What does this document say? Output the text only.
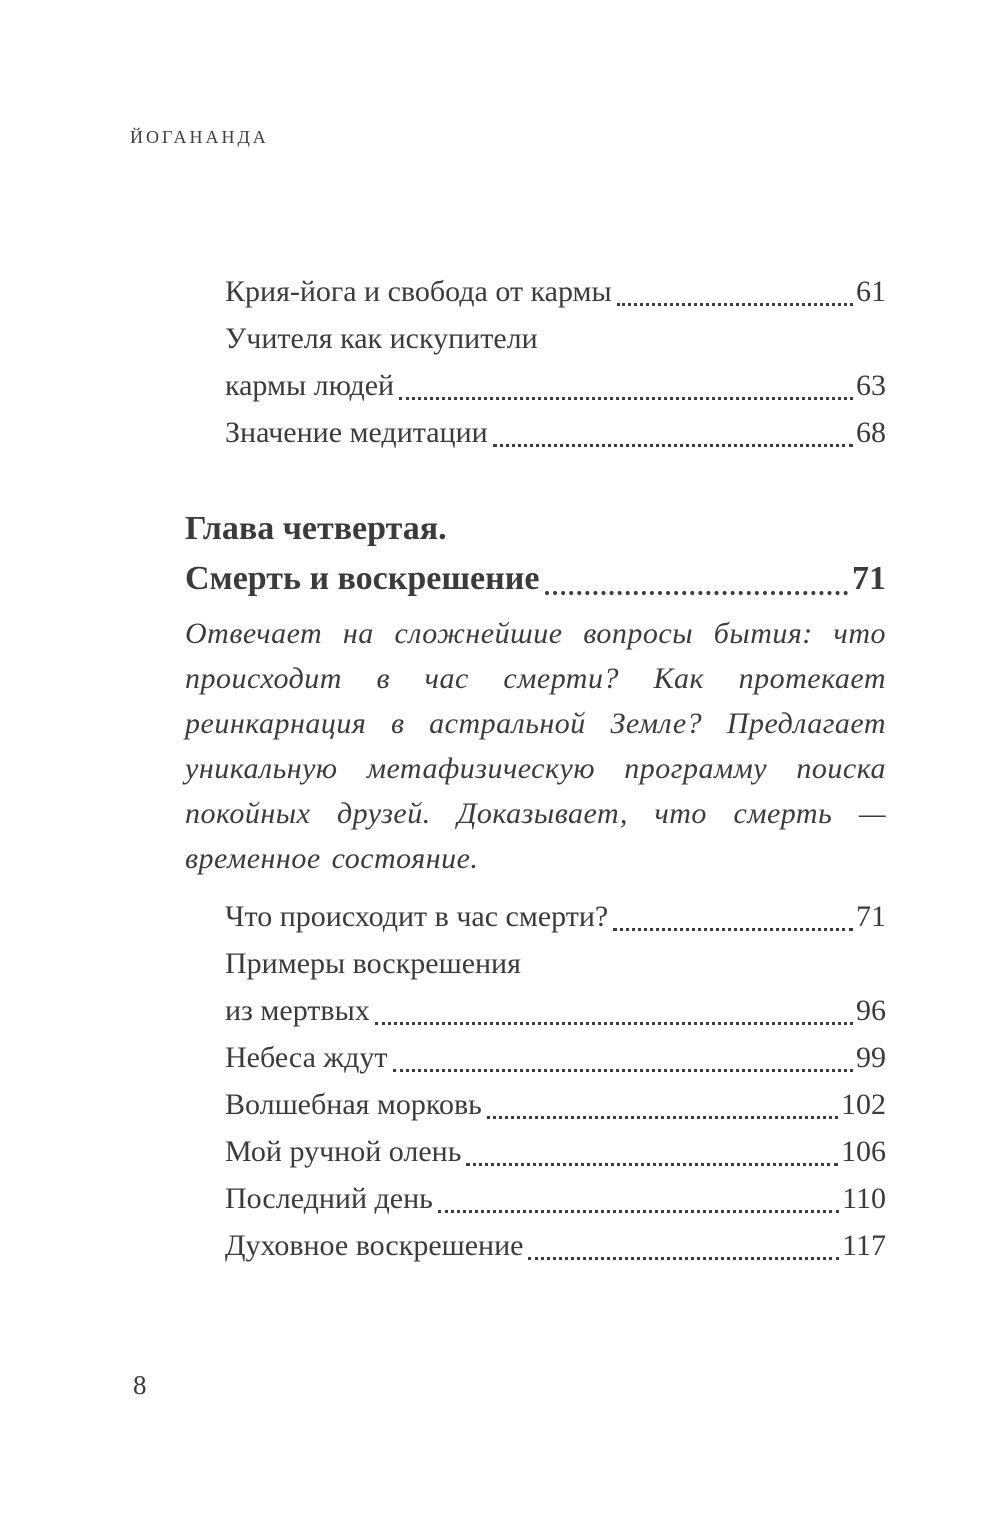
ЙОГАНАНДА
Крия-йога и свобода от кармы	61
Учителя как искупители
кармы людей	63
Значение медитации	68
Глава четвертая.
Смерть и воскрешение	71

Отвечает на сложнейшие вопросы бытия: что происходит в час смерти? Как протекает реинкарнация в астральной Земле? Предлагает уникальную метафизическую программу поиска покойных друзей. Доказывает, что смерть — временное состояние.

Что происходит в час смерти?	71
Примеры воскрешения
из мертвых	96
Небеса ждут	99
Волшебная морковь	102
Мой ручной олень	106
Последний день	110
Духовное воскрешение	117
8
